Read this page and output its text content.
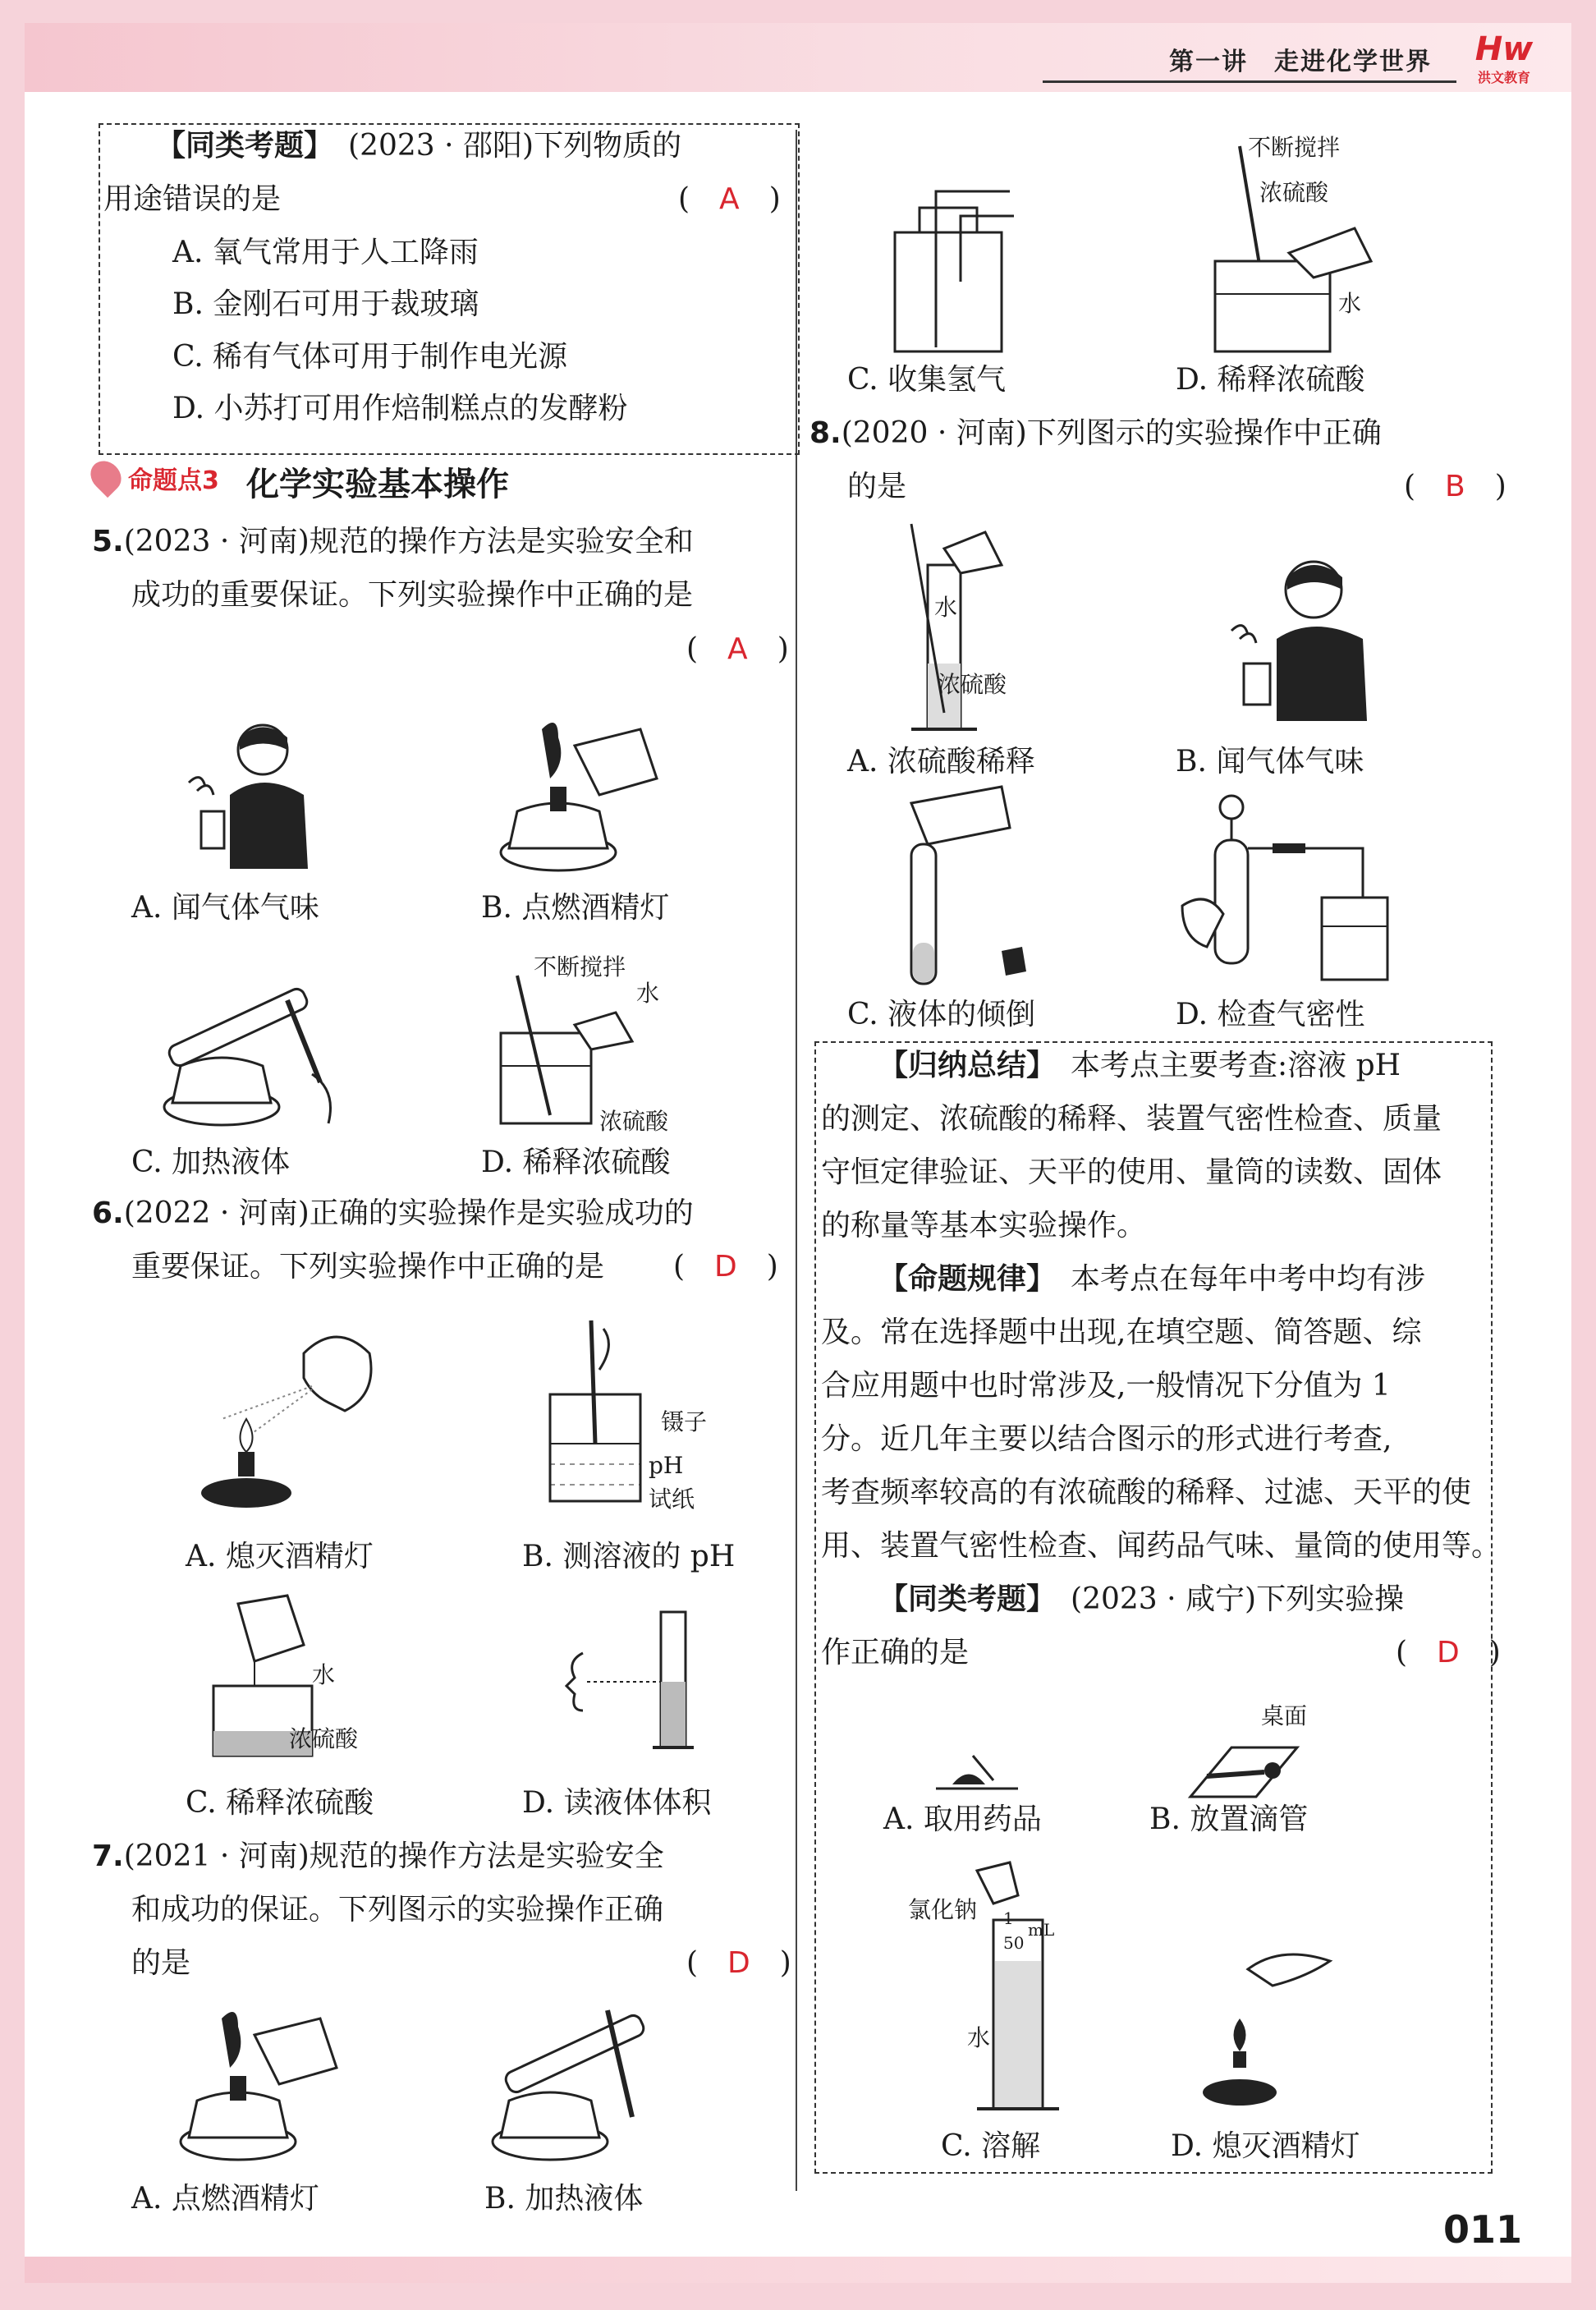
第一讲　走进化学世界	Hw
洪文教育
【同类考题】　 (2023 · 邵阳)下列物质的
用途错误的是	(　A　)
A. 氧气常用于人工降雨
B. 金刚石可用于裁玻璃
C. 稀有气体可用于制作电光源
D. 小苏打可用作焙制糕点的发酵粉
命题点3 化学实验基本操作
5.(2023 · 河南)规范的操作方法是实验安全和
成功的重要保证。下列实验操作中正确的是
(　A　)
A. 闻气体气味	B. 点燃酒精灯
C. 加热液体
不断搅拌
水
浓硫酸
D. 稀释浓硫酸
6.(2022 · 河南)正确的实验操作是实验成功的
重要保证。下列实验操作中正确的是 (　D　)
A. 熄灭酒精灯
镊子
pH
试纸
B. 测溶液的 pH
水
浓硫酸
C. 稀释浓硫酸	D. 读液体体积
7.(2021 · 河南)规范的操作方法是实验安全
和成功的保证。下列图示的实验操作正确
的是	(　D　)
A. 点燃酒精灯	B. 加热液体
C. 收集氢气
不断搅拌
浓硫酸
水
D. 稀释浓硫酸
8.(2020 · 河南)下列图示的实验操作中正确
的是	(　B　)
水
浓硫酸
A. 浓硫酸稀释	B. 闻气体气味
C. 液体的倾倒	D. 检查气密性
【归纳总结】　 本考点主要考查:溶液 pH
的测定、浓硫酸的稀释、装置气密性检查、质量
守恒定律验证、天平的使用、量筒的读数、固体
的称量等基本实验操作。
【命题规律】　 本考点在每年中考中均有涉
及。常在选择题中出现,在填空题、简答题、综
合应用题中也时常涉及,一般情况下分值为 1
分。近几年主要以结合图示的形式进行考查,
考查频率较高的有浓硫酸的稀释、过滤、天平的使
用、装置气密性检查、闻药品气味、量筒的使用等。
【同类考题】　 (2023 · 咸宁)下列实验操
作正确的是	(　D　)
A. 取用药品
桌面
B. 放置滴管
氯化钠
mL
50
1
水
C. 溶解	D. 熄灭酒精灯
011
